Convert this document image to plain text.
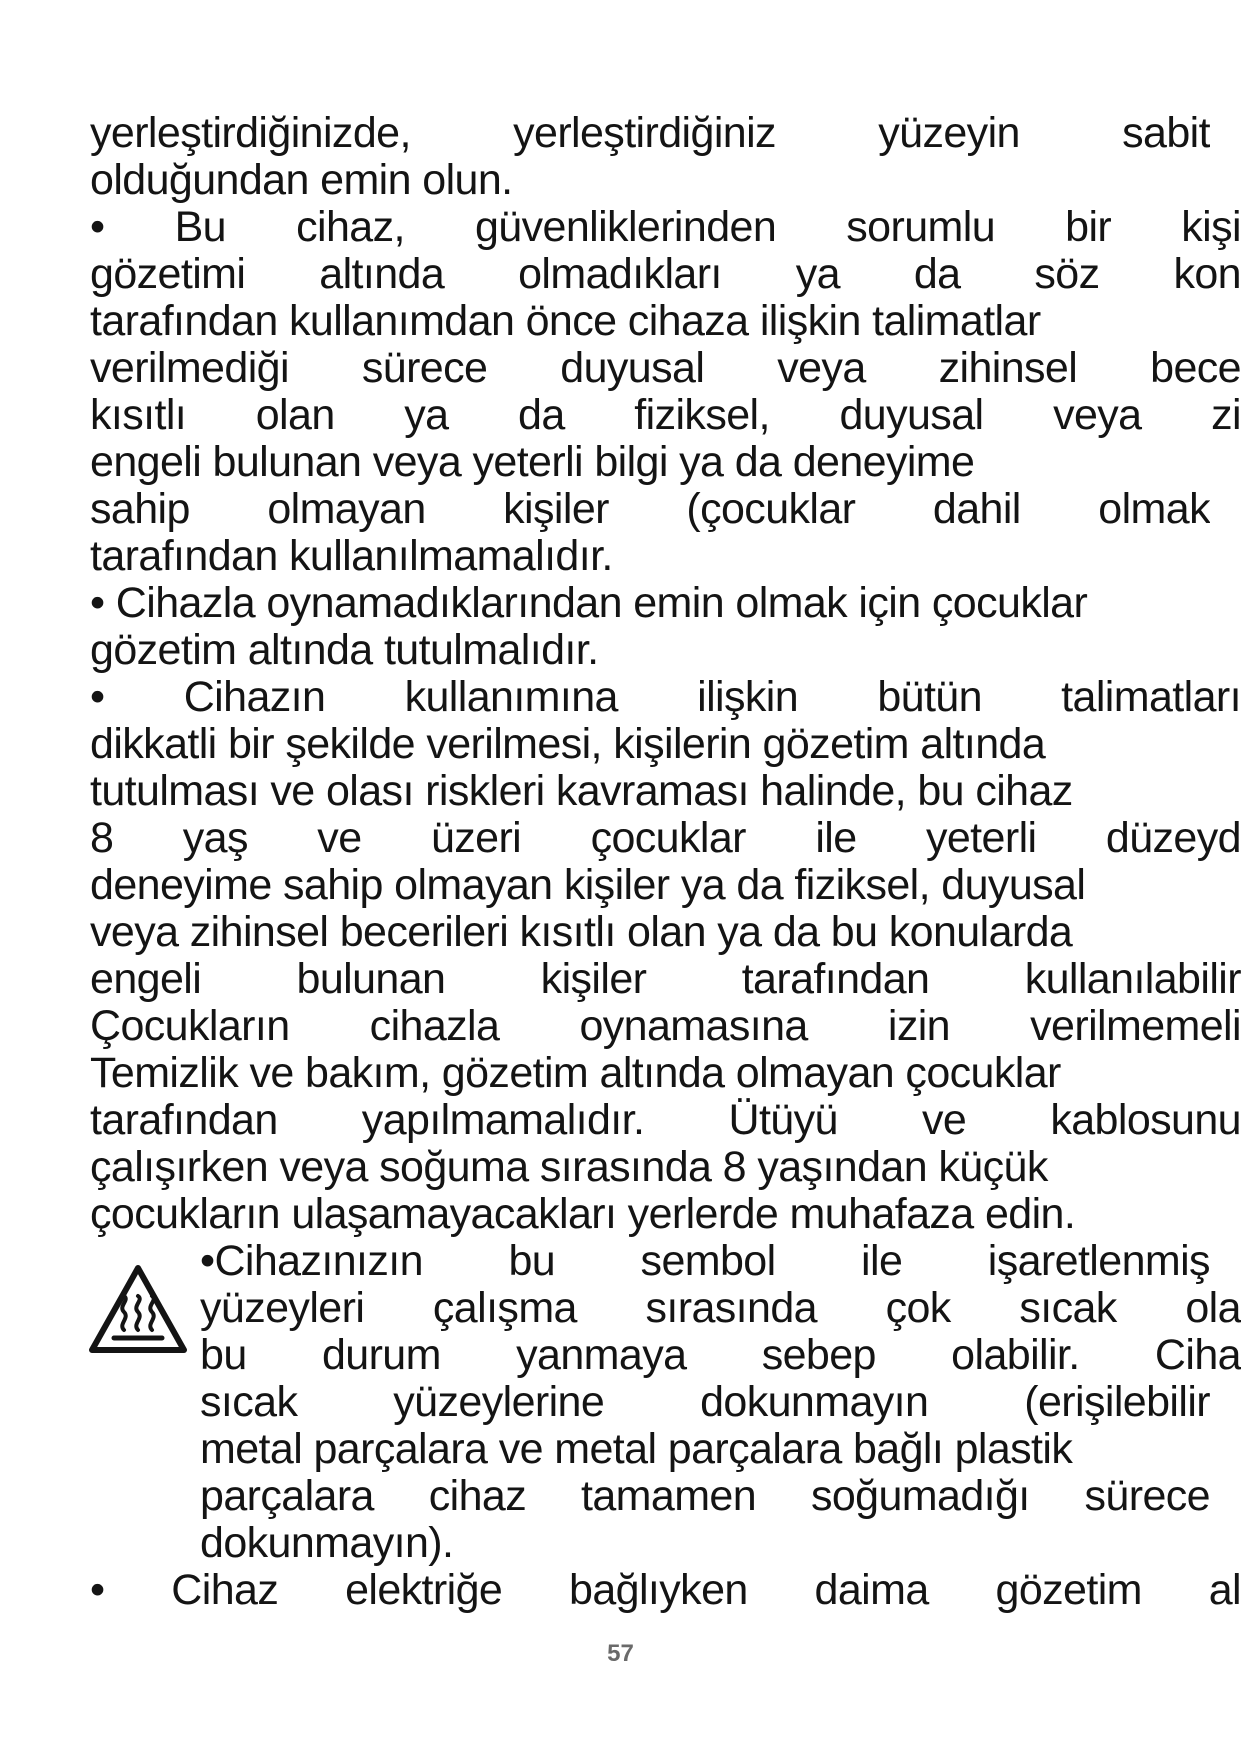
yerleştirdiğinizde, yerleştirdiğiniz yüzeyin sabit
olduğundan emin olun.
• Bu cihaz, güvenliklerinden sorumlu bir kişi
gözetimi altında olmadıkları ya da söz kon
tarafından kullanımdan önce cihaza ilişkin talimatlar
verilmediği sürece duyusal veya zihinsel bece
kısıtlı olan ya da fiziksel, duyusal veya zi
engeli bulunan veya yeterli bilgi ya da deneyime
sahip olmayan kişiler (çocuklar dahil olmak
tarafından kullanılmamalıdır.
• Cihazla oynamadıklarından emin olmak için çocuklar
gözetim altında tutulmalıdır.
• Cihazın kullanımına ilişkin bütün talimatları
dikkatli bir şekilde verilmesi, kişilerin gözetim altında
tutulması ve olası riskleri kavraması halinde, bu cihaz
8 yaş ve üzeri çocuklar ile yeterli düzeyd
deneyime sahip olmayan kişiler ya da fiziksel, duyusal
veya zihinsel becerileri kısıtlı olan ya da bu konularda
engeli bulunan kişiler tarafından kullanılabilir
Çocukların cihazla oynamasına izin verilmemeli
Temizlik ve bakım, gözetim altında olmayan çocuklar
tarafından yapılmamalıdır. Ütüyü ve kablosunu
çalışırken veya soğuma sırasında 8 yaşından küçük
çocukların ulaşamayacakları yerlerde muhafaza edin.
•Cihazınızın bu sembol ile işaretlenmiş
yüzeyleri çalışma sırasında çok sıcak ola
bu durum yanmaya sebep olabilir. Ciha
sıcak yüzeylerine dokunmayın (erişilebilir
metal parçalara ve metal parçalara bağlı plastik
parçalara cihaz tamamen soğumadığı sürece
dokunmayın).
• Cihaz elektriğe bağlıyken daima gözetim al
57
